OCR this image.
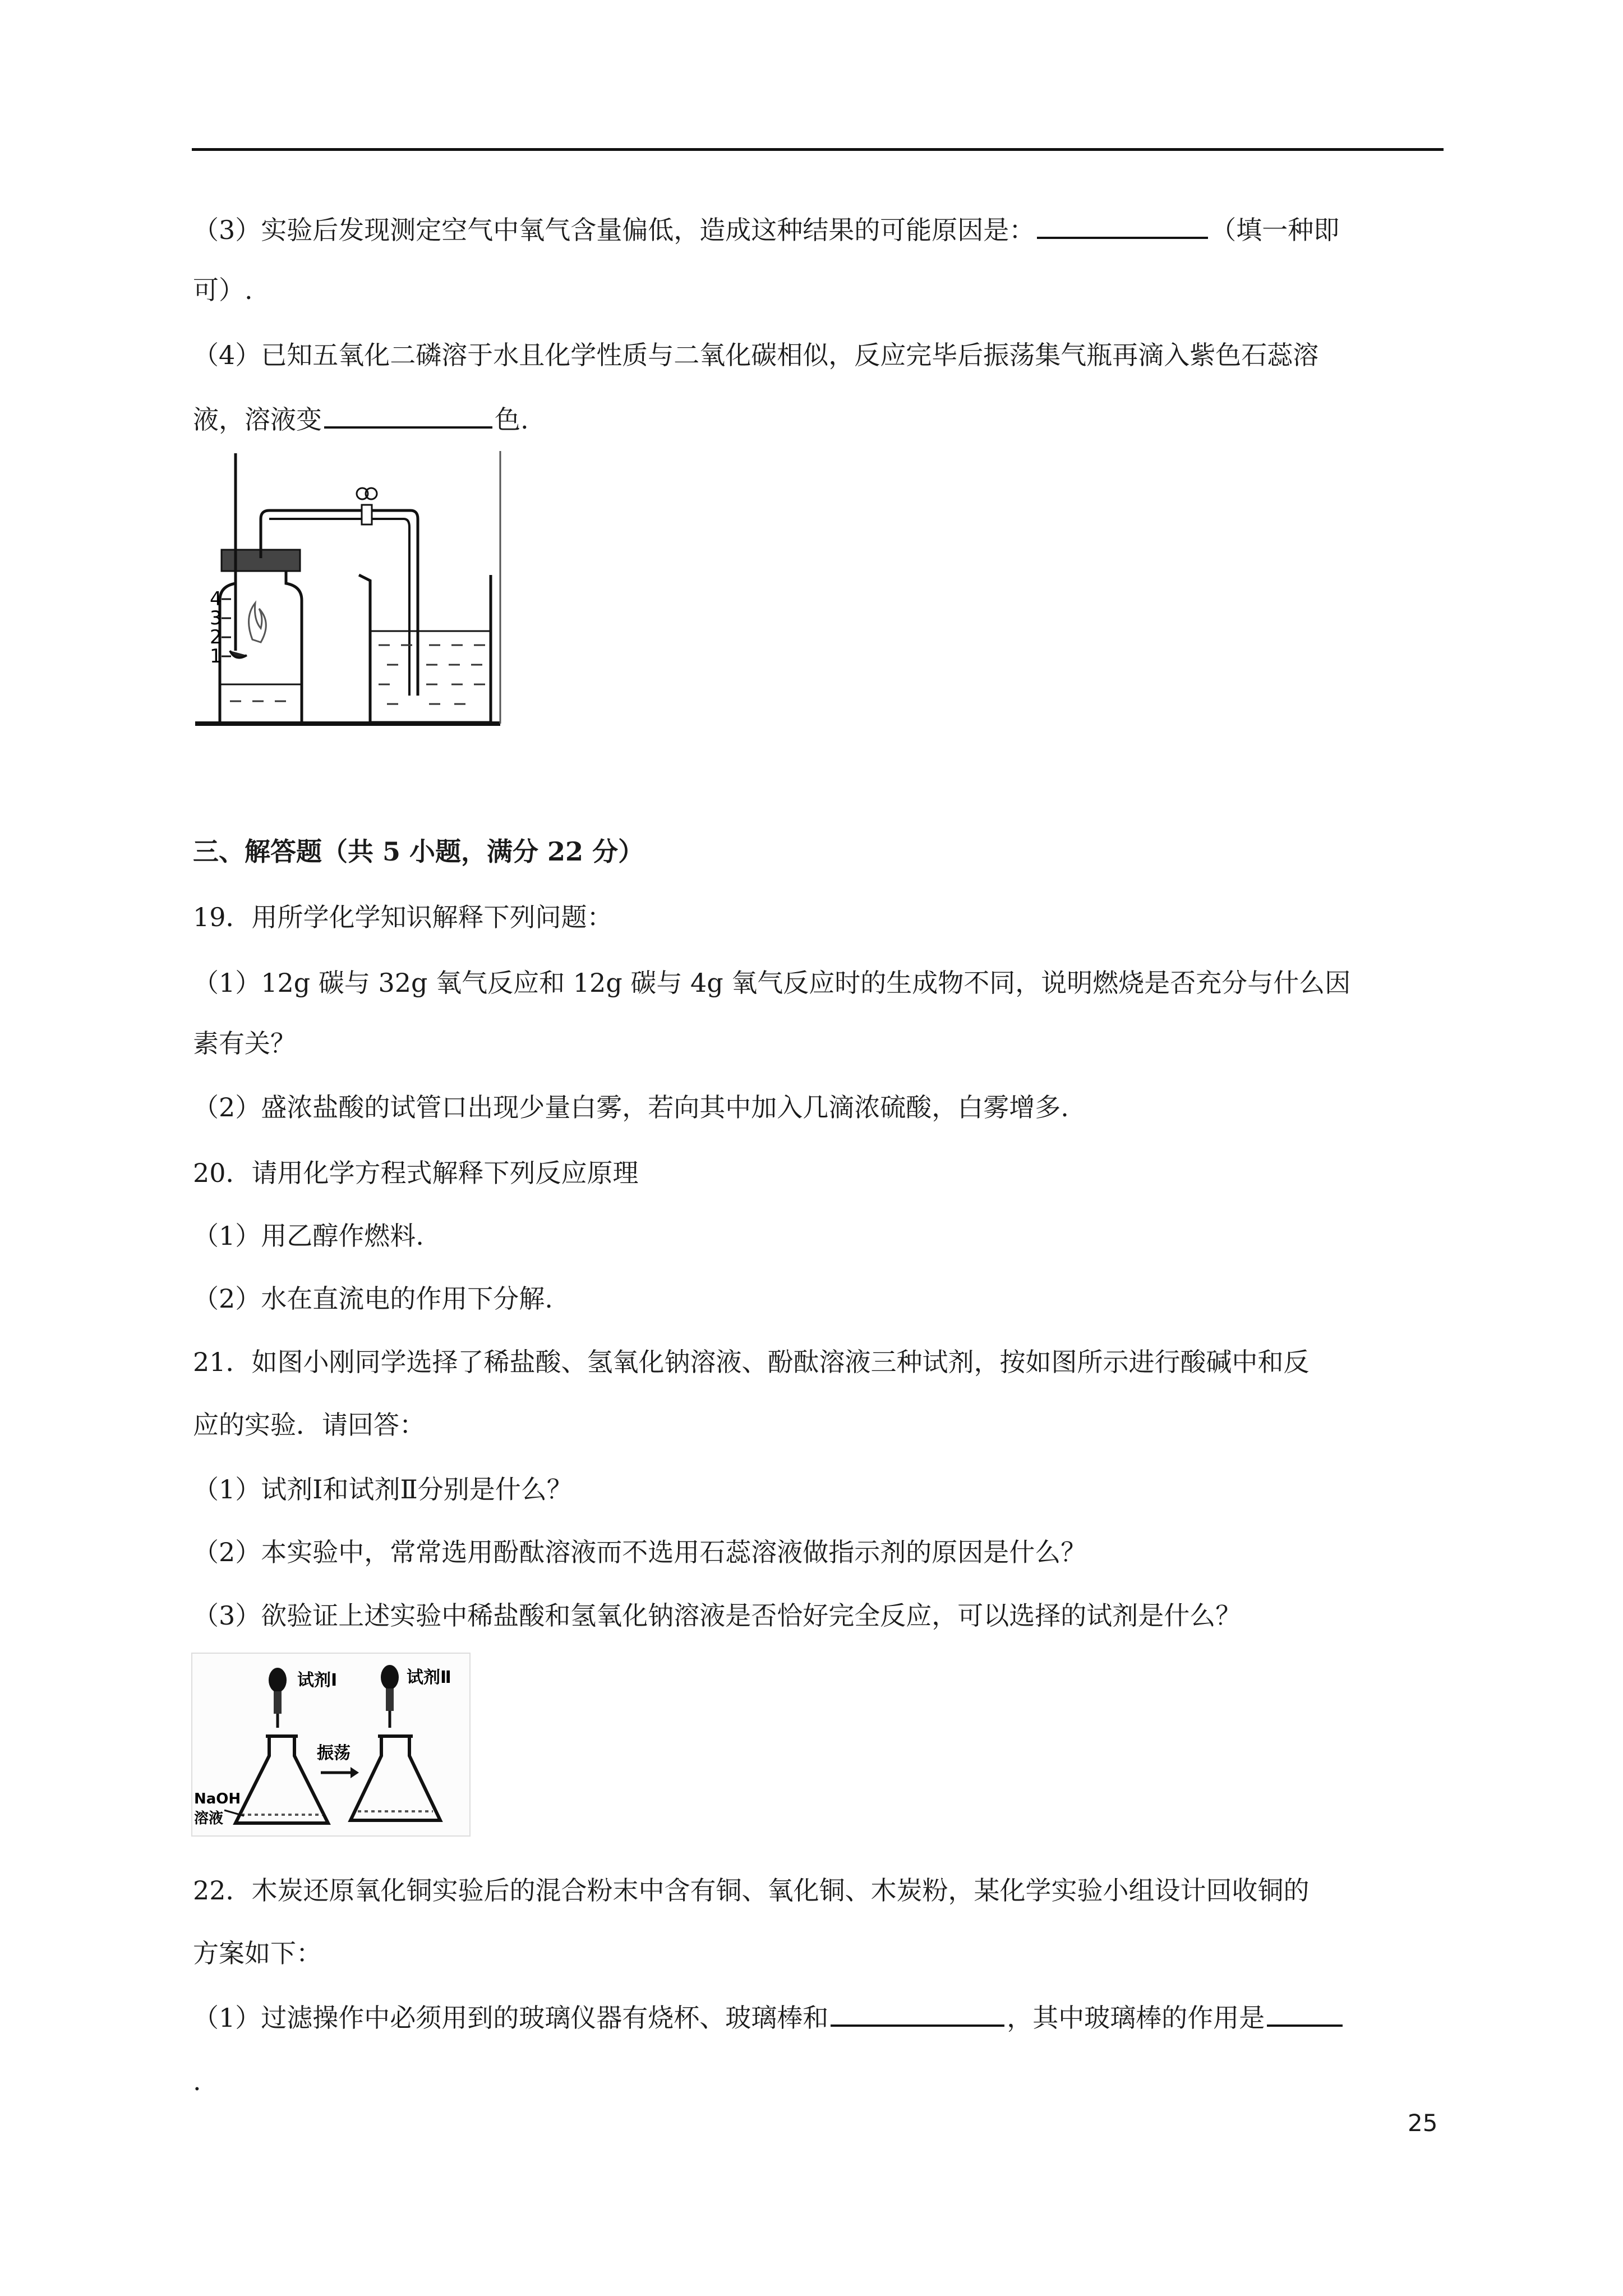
（3）实验后发现测定空气中氧气含量偏低，造成这种结果的可能原因是：	（填一种即
可）.
（4）已知五氧化二磷溶于水且化学性质与二氧化碳相似，反应完毕后振荡集气瓶再滴入紫色石蕊溶
液，溶液变	色.
4
3
2
1
三、解答题（共 5 小题，满分 22 分）
19．用所学化学知识解释下列问题：
（1）12g 碳与 32g 氧气反应和 12g 碳与 4g 氧气反应时的生成物不同，说明燃烧是否充分与什么因
素有关？
（2）盛浓盐酸的试管口出现少量白雾，若向其中加入几滴浓硫酸，白雾增多.
20．请用化学方程式解释下列反应原理
（1）用乙醇作燃料.
（2）水在直流电的作用下分解.
21．如图小刚同学选择了稀盐酸、氢氧化钠溶液、酚酞溶液三种试剂，按如图所示进行酸碱中和反
应的实验．请回答：
（1）试剂Ⅰ和试剂Ⅱ分别是什么？
（2）本实验中，常常选用酚酞溶液而不选用石蕊溶液做指示剂的原因是什么？
（3）欲验证上述实验中稀盐酸和氢氧化钠溶液是否恰好完全反应，可以选择的试剂是什么？
试剂Ⅰ
NaOH
溶液
振荡
试剂Ⅱ
22．木炭还原氧化铜实验后的混合粉末中含有铜、氧化铜、木炭粉，某化学实验小组设计回收铜的
方案如下：
（1）过滤操作中必须用到的玻璃仪器有烧杯、玻璃棒和	，其中玻璃棒的作用是
.
25
